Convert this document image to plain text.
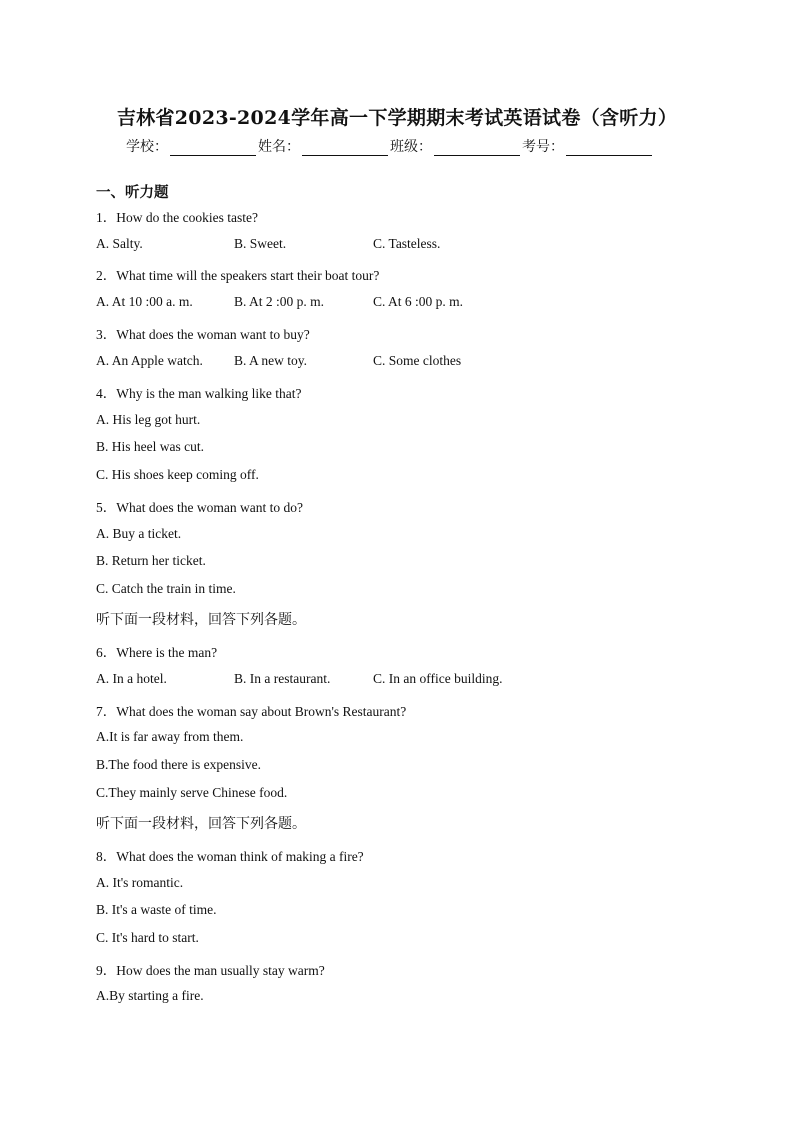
吉林省2023-2024学年高一下学期期末考试英语试卷（含听力）
学校：	姓名：	班级：	考号：
一、听力题
1．How do the cookies taste?
A. Salty.	B. Sweet.	C. Tasteless.
2．What time will the speakers start their boat tour?
A. At 10 :00 a. m.	B. At 2 :00 p. m.	C. At 6 :00 p. m.
3．What does the woman want to buy?
A. An Apple watch. B. A new toy.	C. Some clothes
4．Why is the man walking like that?
A. His leg got hurt.
B. His heel was cut.
C. His shoes keep coming off.
5．What does the woman want to do?
A. Buy a ticket.
B. Return her ticket.
C. Catch the train in time.
听下面一段材料，回答下列各题。
6．Where is the man?
A. In a hotel.	B. In a restaurant.	C. In an office building.
7．What does the woman say about Brown's Restaurant?
A.It is far away from them.
B.The food there is expensive.
C.They mainly serve Chinese food.
听下面一段材料，回答下列各题。
8．What does the woman think of making a fire?
A. It's romantic.
B. It's a waste of time.
C. It's hard to start.
9．How does the man usually stay warm?
A.By starting a fire.
